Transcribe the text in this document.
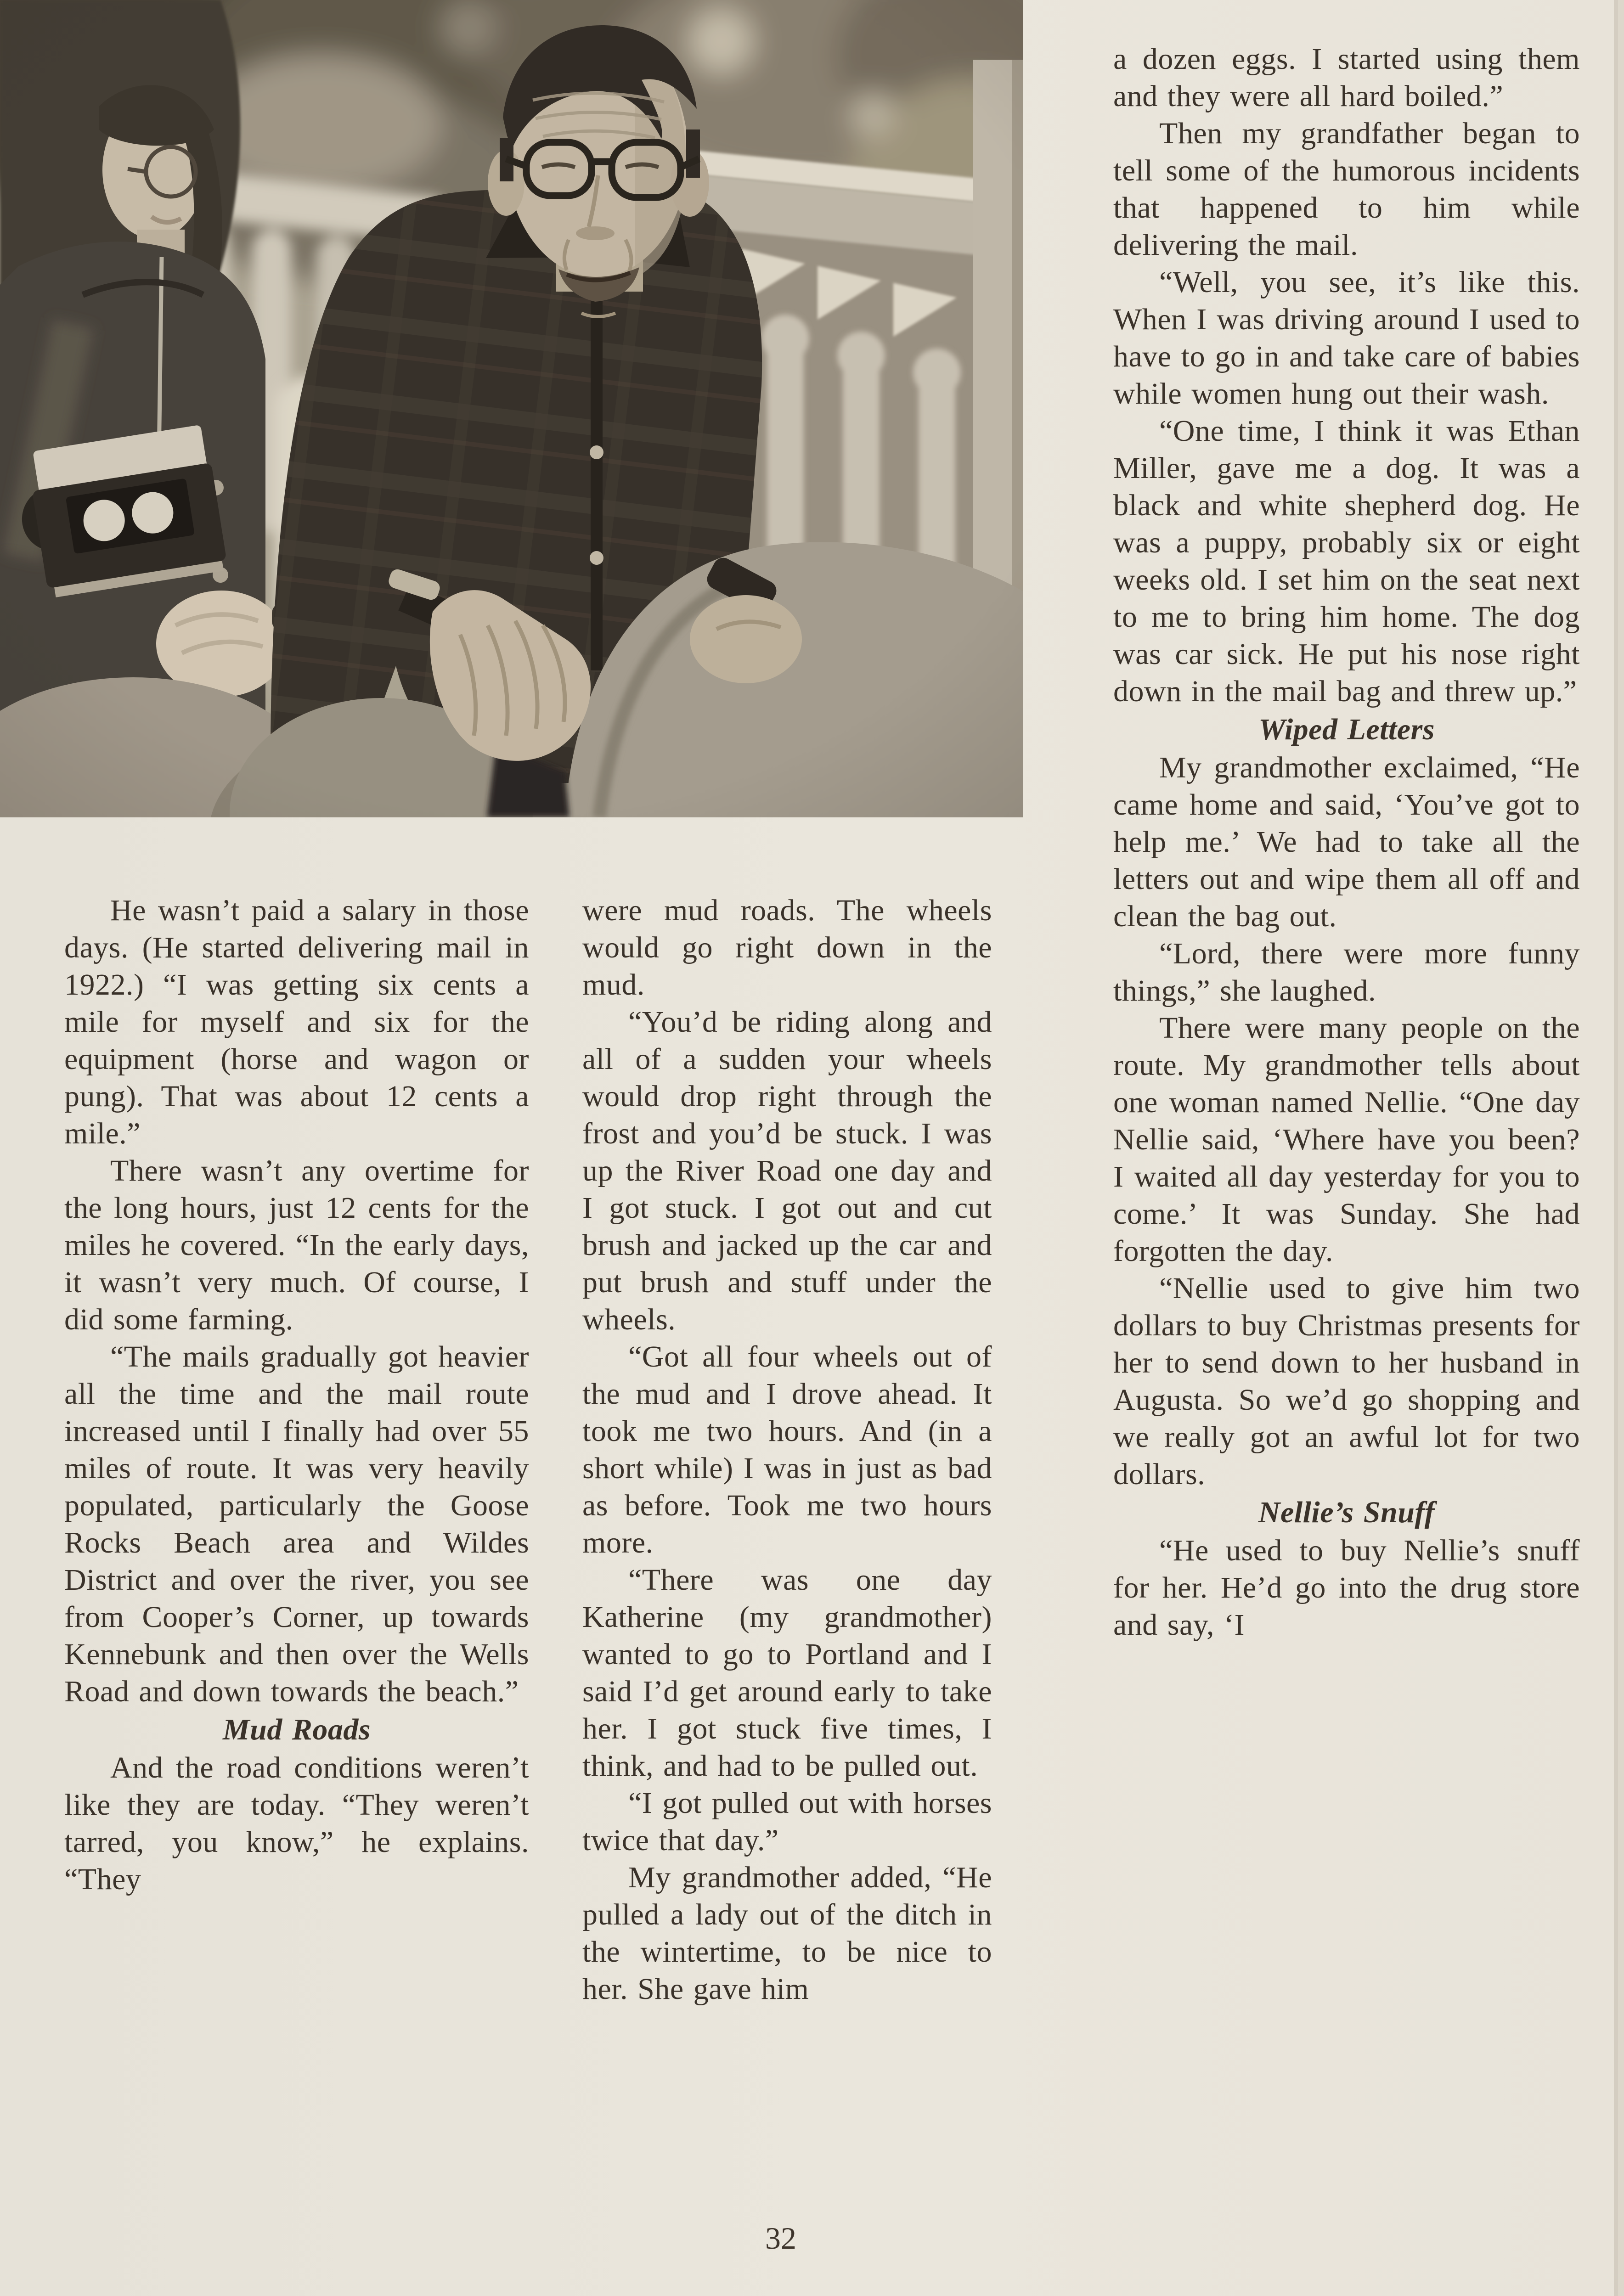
He wasn’t paid a salary in those days. (He started delivering mail in 1922.) “I was getting six cents a mile for myself and six for the equipment (horse and wagon or pung). That was about 12 cents a mile.”

There wasn’t any overtime for the long hours, just 12 cents for the miles he covered. “In the early days, it wasn’t very much. Of course, I did some farming.

“The mails gradually got heavier all the time and the mail route increased until I finally had over 55 miles of route. It was very heavily populated, particularly the Goose Rocks Beach area and Wildes District and over the river, you see from Cooper’s Corner, up towards Kennebunk and then over the Wells Road and down towards the beach.”

Mud Roads

And the road conditions weren’t like they are today. “They weren’t tarred, you know,” he explains. “They

were mud roads. The wheels would go right down in the mud.

“You’d be riding along and all of a sudden your wheels would drop right through the frost and you’d be stuck. I was up the River Road one day and I got stuck. I got out and cut brush and jacked up the car and put brush and stuff under the wheels.

“Got all four wheels out of the mud and I drove ahead. It took me two hours. And (in a short while) I was in just as bad as before. Took me two hours more.

“There was one day Katherine (my grandmother) wanted to go to Portland and I said I’d get around early to take her. I got stuck five times, I think, and had to be pulled out.

“I got pulled out with horses twice that day.”

My grandmother added, “He pulled a lady out of the ditch in the wintertime, to be nice to her. She gave him

a dozen eggs. I started using them and they were all hard boiled.”

Then my grandfather began to tell some of the humorous incidents that happened to him while delivering the mail.

“Well, you see, it’s like this. When I was driving around I used to have to go in and take care of babies while women hung out their wash.

“One time, I think it was Ethan Miller, gave me a dog. It was a black and white shepherd dog. He was a puppy, probably six or eight weeks old. I set him on the seat next to me to bring him home. The dog was car sick. He put his nose right down in the mail bag and threw up.”

Wiped Letters

My grandmother exclaimed, “He came home and said, ‘You’ve got to help me.’ We had to take all the letters out and wipe them all off and clean the bag out.

“Lord, there were more funny things,” she laughed.

There were many people on the route. My grandmother tells about one woman named Nellie. “One day Nellie said, ‘Where have you been? I waited all day yesterday for you to come.’ It was Sunday. She had forgotten the day.

“Nellie used to give him two dollars to buy Christmas presents for her to send down to her husband in Augusta. So we’d go shopping and we really got an awful lot for two dollars.

Nellie’s Snuff

“He used to buy Nellie’s snuff for her. He’d go into the drug store and say, ‘I

32
